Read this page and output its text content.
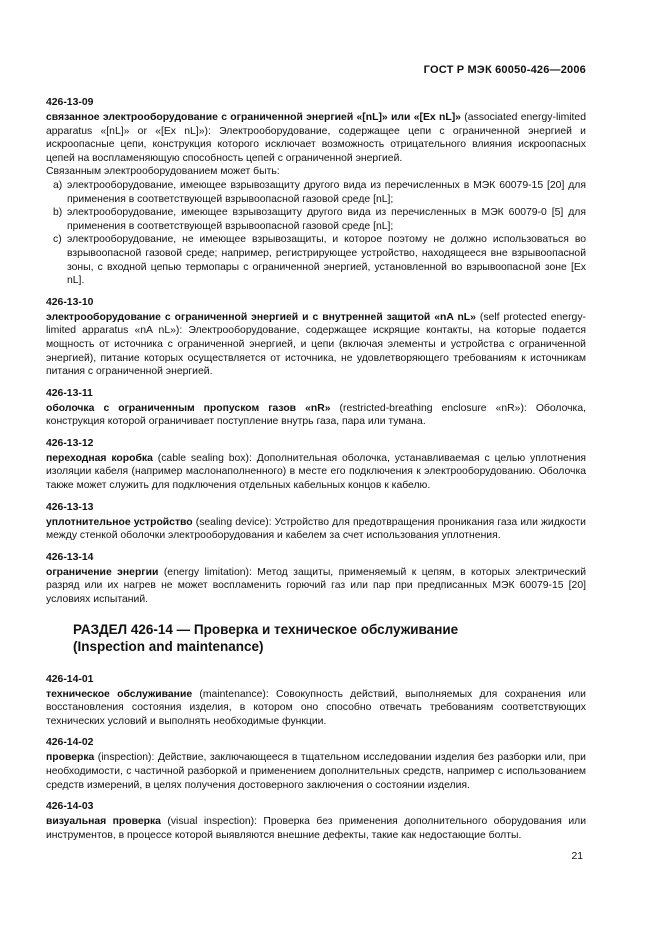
ГОСТ Р МЭК 60050-426—2006
426-13-09

связанное электрооборудование с ограниченной энергией «[nL]» или «[Ex nL]» (associated energy-limited apparatus «[nL]» or «[Ex nL]»): Электрооборудование, содержащее цепи с ограниченной энергией и искроопасные цепи, конструкция которого исключает возможность отрицательного влияния искроопасных цепей на воспламеняющую способность цепей с ограниченной энергией.

Связанным электрооборудованием может быть:

a) электрооборудование, имеющее взрывозащиту другого вида из перечисленных в МЭК 60079-15 [20] для применения в соответствующей взрывоопасной газовой среде [nL];
b) электрооборудование, имеющее взрывозащиту другого вида из перечисленных в МЭК 60079-0 [5] для применения в соответствующей взрывоопасной газовой среде [nL];
c) электрооборудование, не имеющее взрывозащиты, и которое поэтому не должно использоваться во взрывоопасной газовой среде; например, регистрирующее устройство, находящееся вне взрывоопасной зоны, с входной цепью термопары с ограниченной энергией, установленной во взрывоопасной зоне [Ex nL].
426-13-10

электрооборудование с ограниченной энергией и с внутренней защитой «nA nL» (self protected energy-limited apparatus «nA nL»): Электрооборудование, содержащее искрящие контакты, на которые подается мощность от источника с ограниченной энергией, и цепи (включая элементы и устройства с ограниченной энергией), питание которых осуществляется от источника, не удовлетворяющего требованиям к источникам питания с ограниченной энергией.

426-13-11

оболочка с ограниченным пропуском газов «nR» (restricted-breathing enclosure «nR»): Оболочка, конструкция которой ограничивает поступление внутрь газа, пара или тумана.

426-13-12

переходная коробка (cable sealing box): Дополнительная оболочка, устанавливаемая с целью уплотнения изоляции кабеля (например маслонаполненного) в месте его подключения к электрооборудованию. Оболочка также может служить для подключения отдельных кабельных концов к кабелю.

426-13-13

уплотнительное устройство (sealing device): Устройство для предотвращения проникания газа или жидкости между стенкой оболочки электрооборудования и кабелем за счет использования уплотнения.

426-13-14

ограничение энергии (energy limitation): Метод защиты, применяемый к цепям, в которых электрический разряд или их нагрев не может воспламенить горючий газ или пар при предписанных МЭК 60079-15 [20] условиях испытаний.

РАЗДЕЛ 426-14 — Проверка и техническое обслуживание
(Inspection and maintenance)
426-14-01

техническое обслуживание (maintenance): Совокупность действий, выполняемых для сохранения или восстановления состояния изделия, в котором оно способно отвечать требованиям соответствующих технических условий и выполнять необходимые функции.

426-14-02

проверка (inspection): Действие, заключающееся в тщательном исследовании изделия без разборки или, при необходимости, с частичной разборкой и применением дополнительных средств, например с использованием средств измерений, в целях получения достоверного заключения о состоянии изделия.

426-14-03

визуальная проверка (visual inspection): Проверка без применения дополнительного оборудования или инструментов, в процессе которой выявляются внешние дефекты, такие как недостающие болты.

21
